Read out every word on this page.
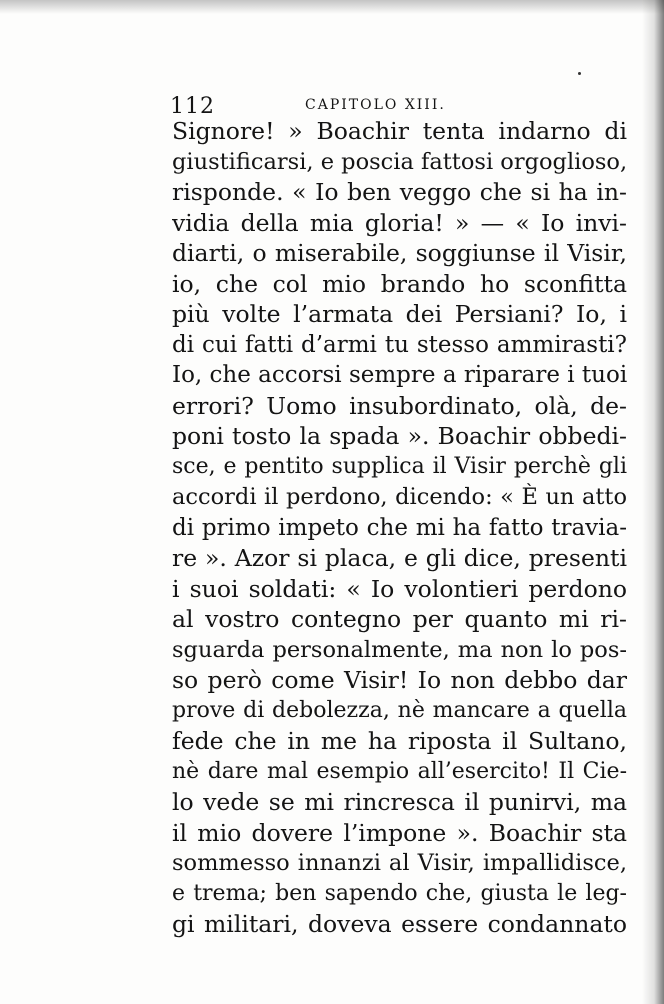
112	CAPITOLO XIII.
Signore! » Boachir tenta indarno di
giustificarsi, e poscia fattosi orgoglioso,
risponde. « Io ben veggo che si ha in-
vidia della mia gloria! » — « Io invi-
diarti, o miserabile, soggiunse il Visir,
io, che col mio brando ho sconfitta
più volte l’armata dei Persiani? Io, i
di cui fatti d’armi tu stesso ammirasti?
Io, che accorsi sempre a riparare i tuoi
errori? Uomo insubordinato, olà, de-
poni tosto la spada ». Boachir obbedi-
sce, e pentito supplica il Visir perchè gli
accordi il perdono, dicendo: « È un atto
di primo impeto che mi ha fatto travia-
re ». Azor si placa, e gli dice, presenti
i suoi soldati: « Io volontieri perdono
al vostro contegno per quanto mi ri-
sguarda personalmente, ma non lo pos-
so però come Visir! Io non debbo dar
prove di debolezza, nè mancare a quella
fede che in me ha riposta il Sultano,
nè dare mal esempio all’esercito! Il Cie-
lo vede se mi rincresca il punirvi, ma
il mio dovere l’impone ». Boachir sta
sommesso innanzi al Visir, impallidisce,
e trema; ben sapendo che, giusta le leg-
gi militari, doveva essere condannato
